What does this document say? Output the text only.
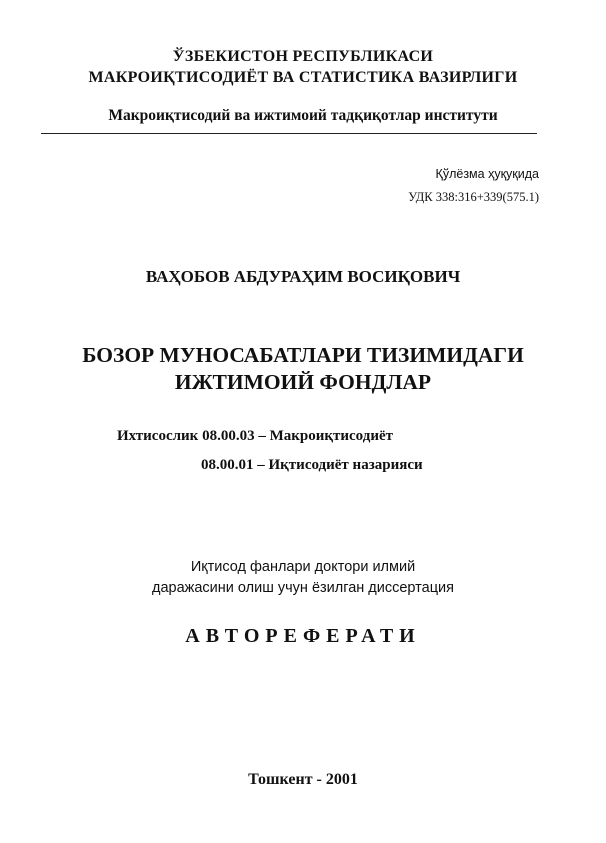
ЎЗБЕКИСТОН РЕСПУБЛИКАСИ
МАКРОИҚТИСОДИЁТ ВА СТАТИСТИКА ВАЗИРЛИГИ
Макроиқтисодий ва ижтимоий тадқиқотлар институти
Қўлёзма ҳуқуқида
УДК 338:316+339(575.1)
ВАҲОБОВ АБДУРАҲИМ ВОСИҚОВИЧ
БОЗОР МУНОСАБАТЛАРИ ТИЗИМИДАГИ
ИЖТИМОИЙ ФОНДЛАР
Ихтисослик 08.00.03 – Макроиқтисодиёт
08.00.01 – Иқтисодиёт назарияси
Иқтисод фанлари доктори илмий
даражасини олиш учун ёзилган диссертация
АВТОРЕФЕРАТИ
Тошкент - 2001
